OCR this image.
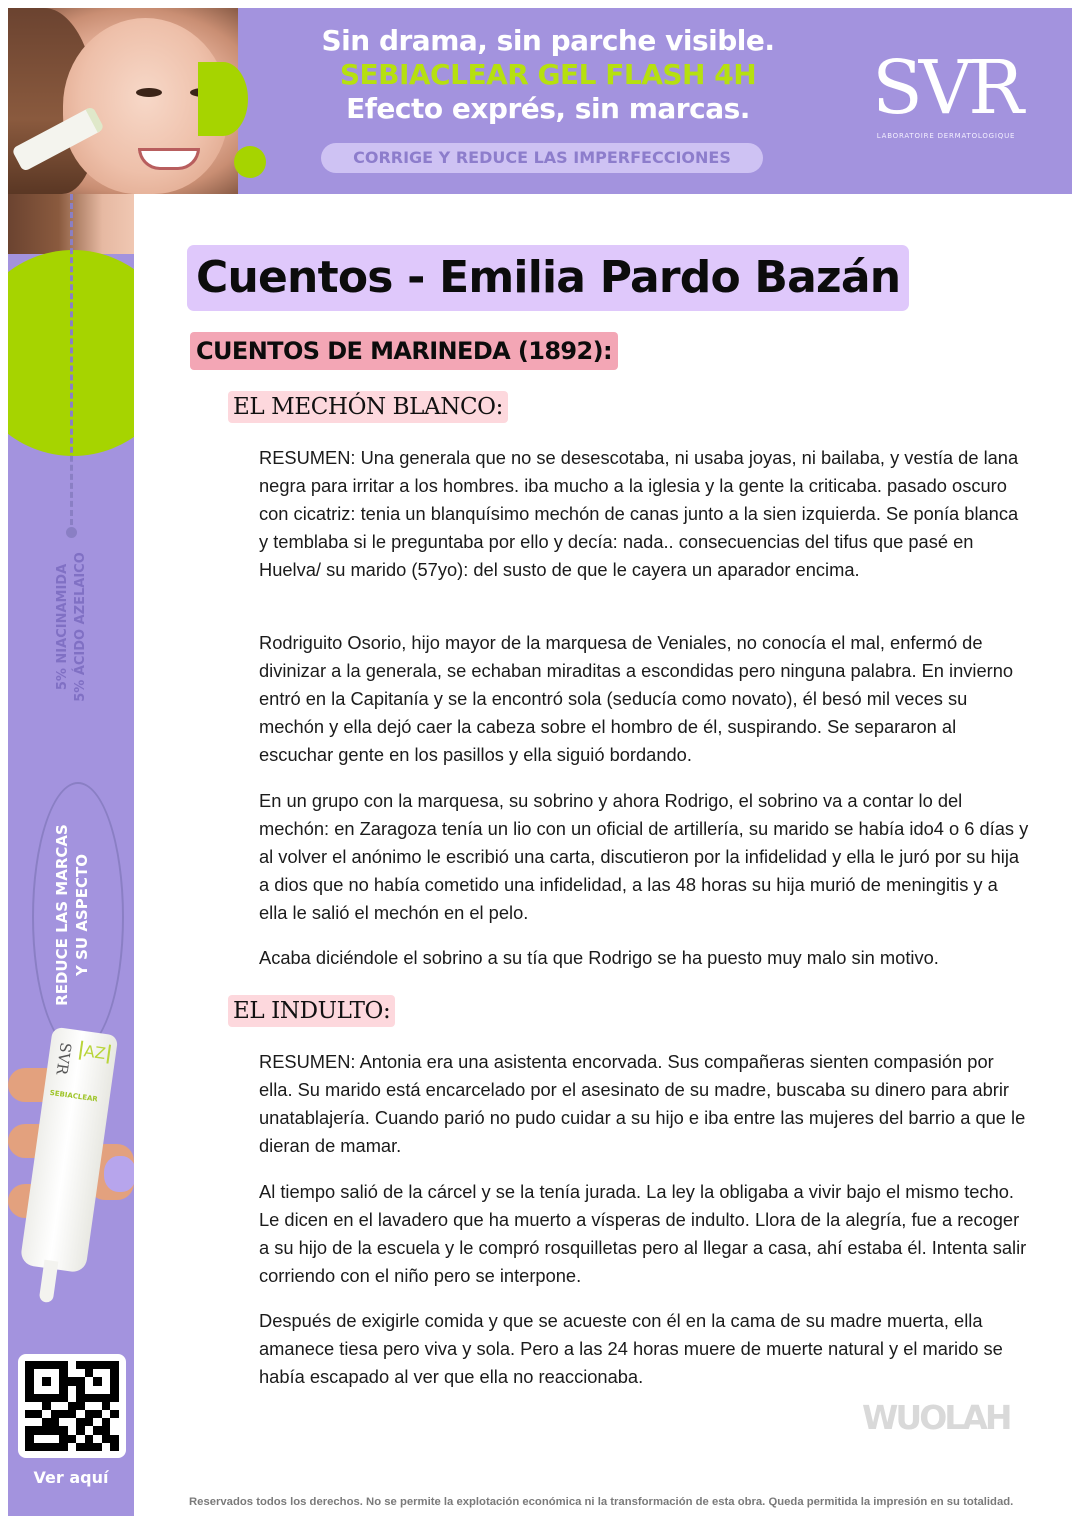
Sin drama, sin parche visible.
SEBIACLEAR GEL FLASH 4H
Efecto exprés, sin marcas.
CORRIGE Y REDUCE LAS IMPERFECCIONES
SVR
LABORATOIRE DERMATOLOGIQUE
5% NIACINAMIDA 5% ÁCIDO AZELAICO
REDUCE LAS MARCAS Y SU ASPECTO
SVR AZ
SEBIACLEAR
Ver aquí
Cuentos - Emilia Pardo Bazán
CUENTOS DE MARINEDA (1892):
EL MECHÓN BLANCO:

RESUMEN: Una generala que no se desescotaba, ni usaba joyas, ni bailaba, y vestía de lana negra para irritar a los hombres. iba mucho a la iglesia y la gente la criticaba. pasado oscuro con cicatriz: tenia un blanquísimo mechón de canas junto a la sien izquierda. Se ponía blanca y temblaba si le preguntaba por ello y decía: nada.. consecuencias del tifus que pasé en Huelva/ su marido (57yo): del susto de que le cayera un aparador encima.

Rodriguito Osorio, hijo mayor de la marquesa de Veniales, no conocía el mal, enfermó de divinizar a la generala, se echaban miraditas a escondidas pero ninguna palabra. En invierno entró en la Capitanía y se la encontró sola (seducía como novato), él besó mil veces su mechón y ella dejó caer la cabeza sobre el hombro de él, suspirando. Se separaron al escuchar gente en los pasillos y ella siguió bordando.

En un grupo con la marquesa, su sobrino y ahora Rodrigo, el sobrino va a contar lo del mechón: en Zaragoza tenía un lio con un oficial de artillería, su marido se había ido4 o 6 días y al volver el anónimo le escribió una carta, discutieron por la infidelidad y ella le juró por su hija a dios que no había cometido una infidelidad, a las 48 horas su hija murió de meningitis y a ella le salió el mechón en el pelo.

Acaba diciéndole el sobrino a su tía que Rodrigo se ha puesto muy malo sin motivo.

EL INDULTO:

RESUMEN: Antonia era una asistenta encorvada. Sus compañeras sienten compasión por ella. Su marido está encarcelado por el asesinato de su madre, buscaba su dinero para abrir unatablajería. Cuando parió no pudo cuidar a su hijo e iba entre las mujeres del barrio a que le dieran de mamar.

Al tiempo salió de la cárcel y se la tenía jurada. La ley la obligaba a vivir bajo el mismo techo. Le dicen en el lavadero que ha muerto a vísperas de indulto. Llora de la alegría, fue a recoger a su hijo de la escuela y le compró rosquilletas pero al llegar a casa, ahí estaba él. Intenta salir corriendo con el niño pero se interpone.

Después de exigirle comida y que se acueste con él en la cama de su madre muerta, ella amanece tiesa pero viva y sola. Pero a las 24 horas muere de muerte natural y el marido se había escapado al ver que ella no reaccionaba.

WUOLAH
Reservados todos los derechos. No se permite la explotación económica ni la transformación de esta obra. Queda permitida la impresión en su totalidad.
